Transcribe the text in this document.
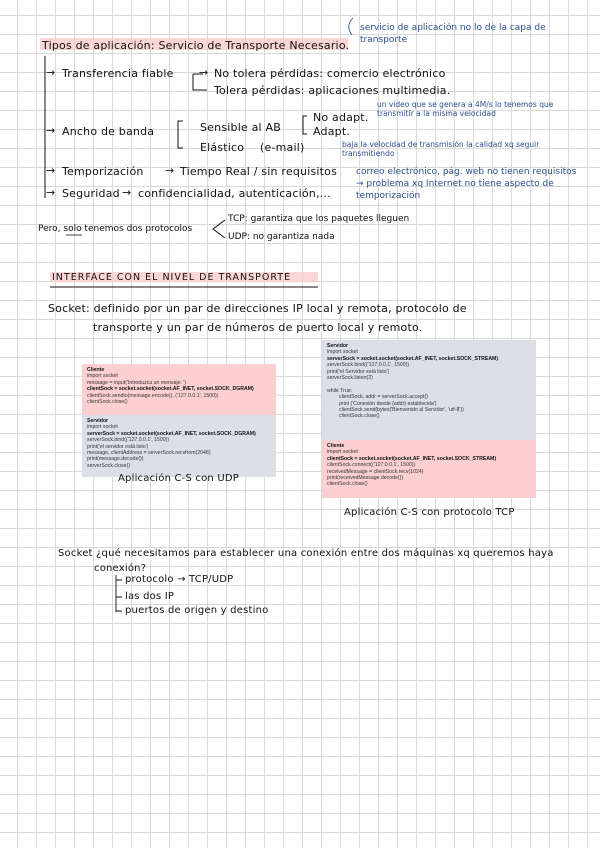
Tipos de aplicación: Servicio de Transporte Necesario.
servicio de aplicación no lo de la capa de transporte
→ Transferencia fiable → No tolera pérdidas: comercio electrónico
Tolera pérdidas: aplicaciones multimedia.
→ Ancho de banda	Sensible al AB
No adapt.
Adapt.
Elástico (e-mail)
un vídeo que se genera a 4M/s lo tenemos que transmitir a la misma velocidad
baja la velocidad de transmisión la calidad xq seguir transmitiendo
→ Temporización → Tiempo Real / sin requisitos correo electrónico, pág. web no tienen requisitos → problema xq Internet no tiene aspecto de temporización
→ Seguridad → confidencialidad, autenticación,...
Pero, solo tenemos dos protocolos
TCP: garantiza que los paquetes lleguen
UDP: no garantiza nada
INTERFACE CON EL NIVEL DE TRANSPORTE
Socket: definido por un par de direcciones IP local y remota, protocolo de
transporte y un par de números de puerto local y remoto.
Cliente
import socket
message = input('Introduzca un mensaje: ')
clientSock = socket.socket(socket.AF_INET, socket.SOCK_DGRAM)
clientSock.sendto(message.encode(), ('127.0.0.1', 1500))
clientSock.close()
Servidor
import socket
serverSock = socket.socket(socket.AF_INET, socket.SOCK_DGRAM)
serverSock.bind(('127.0.0.1', 1500))
print('el servidor está listo')
message, clientAddress = serverSock.recvfrom(2048)
print(message.decode())
serverSock.close()
Aplicación C-S con UDP
Servidor
import socket
serverSock = socket.socket(socket.AF_INET, socket.SOCK_STREAM)
serverSock.bind(('127.0.0.1', 1500))
print('el Servidor está listo')
serverSock.listen(2)
while True:
clientSock, addr = serverSock.accept()
print ('Conexión desde {addr} establecida')
clientSock.send(bytes('Bienvenido al Servidor', 'utf-8'))
clientSock.close()
Cliente
import socket
clientSock = socket.socket(socket.AF_INET, socket.SOCK_STREAM)
clientSock.connect(('127.0.0.1', 1500))
receivedMessage = clientSock.recv(1024)
print(receivedMessage.decode())
clientSock.close()
Aplicación C-S con protocolo TCP
Socket ¿qué necesitamos para establecer una conexión entre dos máquinas xq queremos haya
conexión?
protocolo → TCP/UDP
las dos IP
puertos de origen y destino
